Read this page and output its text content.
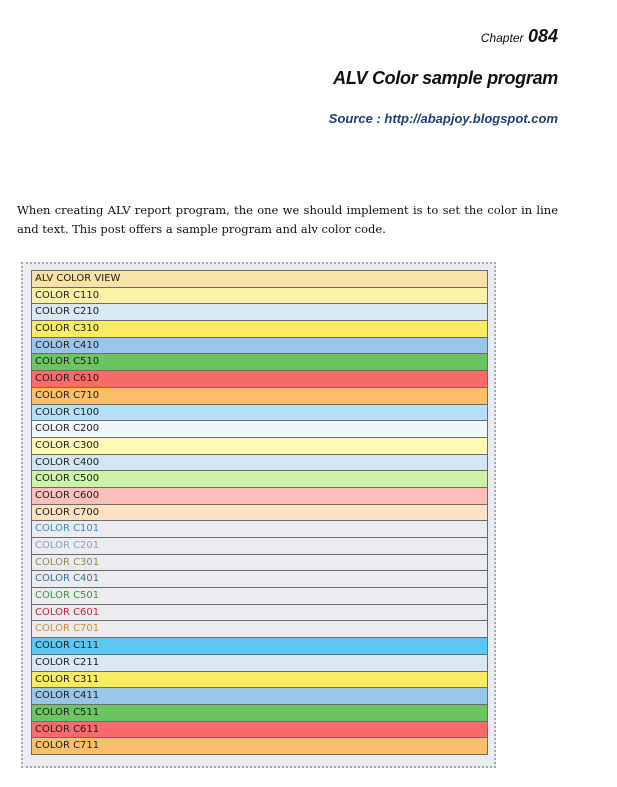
Chapter 084
ALV Color sample program
Source : http://abapjoy.blogspot.com
When creating ALV report program, the one we should implement is to set the color in line and text. This post offers a sample program and alv color code.
ALV COLOR VIEW
COLOR C110
COLOR C210
COLOR C310
COLOR C410
COLOR C510
COLOR C610
COLOR C710
COLOR C100
COLOR C200
COLOR C300
COLOR C400
COLOR C500
COLOR C600
COLOR C700
COLOR C101
COLOR C201
COLOR C301
COLOR C401
COLOR C501
COLOR C601
COLOR C701
COLOR C111
COLOR C211
COLOR C311
COLOR C411
COLOR C511
COLOR C611
COLOR C711
